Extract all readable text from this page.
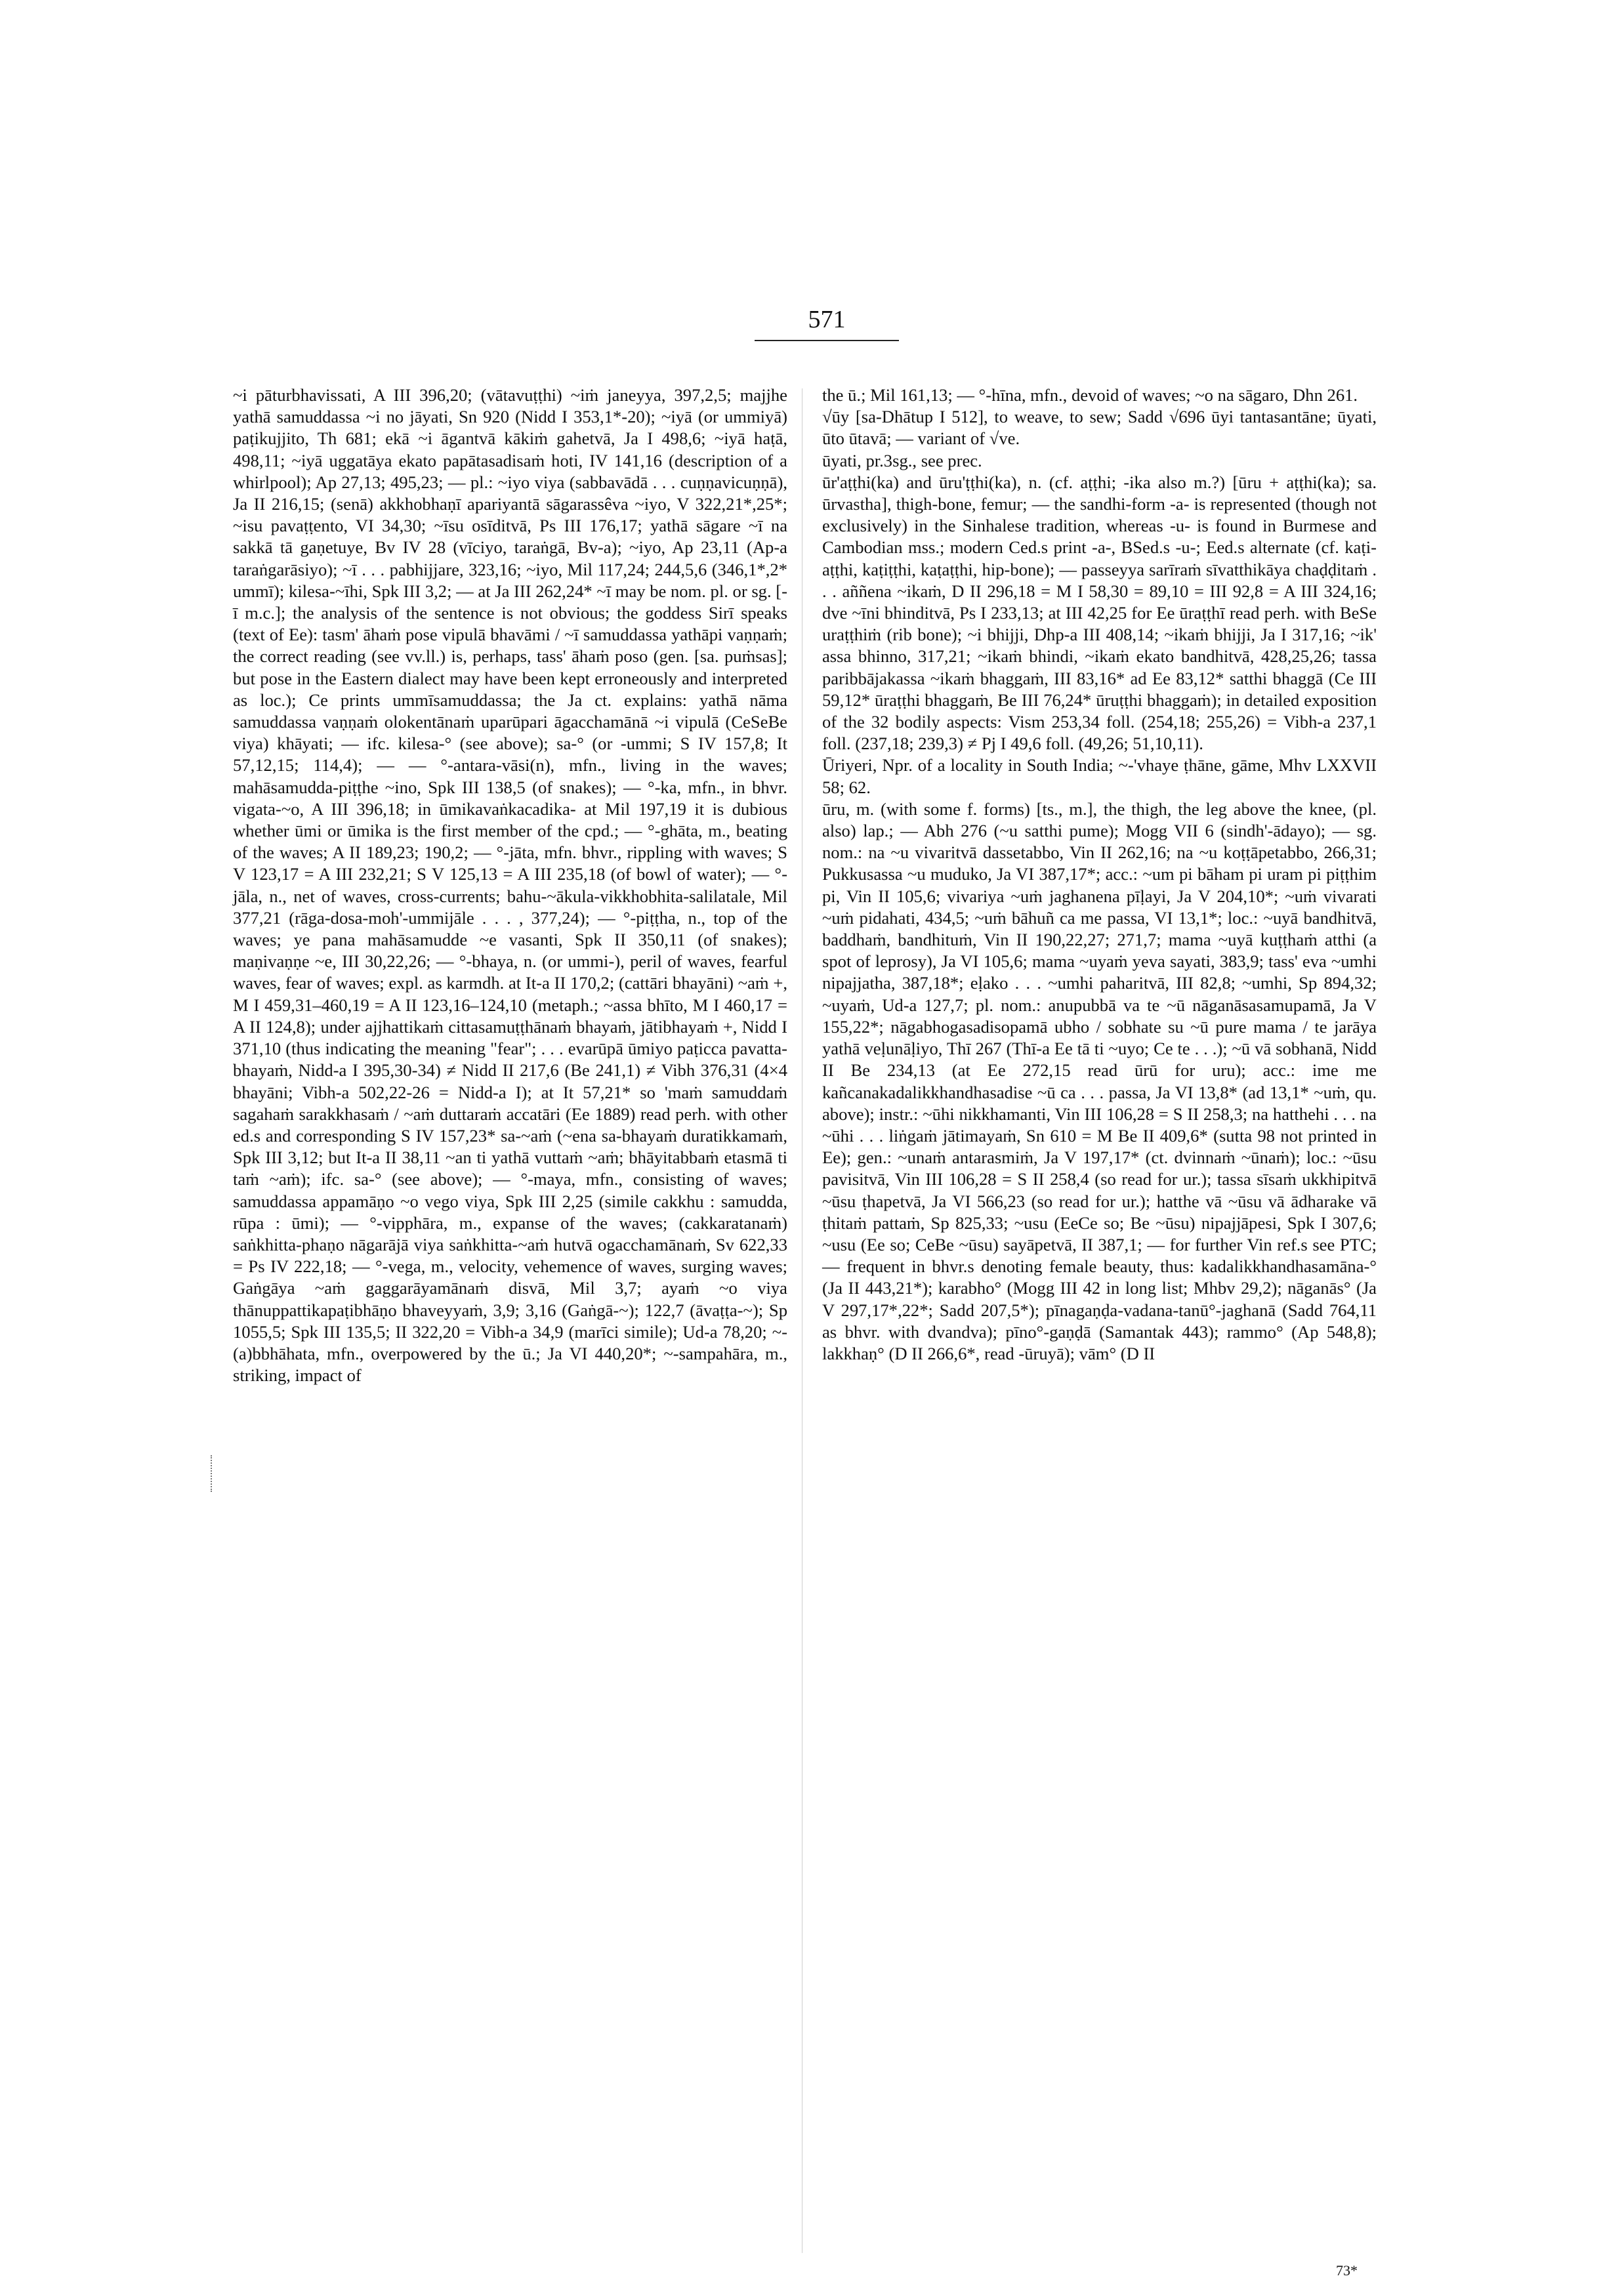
571

~i pāturbhavissati, A III 396,20; (vātavuṭṭhi) ~iṁ janeyya, 397,2,5; majjhe yathā samuddassa ~i no jāyati, Sn 920 (Nidd I 353,1*-20); ~iyā (or ummiyā) paṭikujjito, Th 681; ekā ~i āgantvā kākiṁ gahetvā, Ja I 498,6; ~iyā haṭā, 498,11; ~iyā uggatāya ekato papātasadisaṁ hoti, IV 141,16 (description of a whirlpool); Ap 27,13; 495,23; — pl.: ~iyo viya (sabbavādā . . . cuṇṇavicuṇṇā), Ja II 216,15; (senā) akkhobhaṇī apariyantā sāgarassêva ~iyo, V 322,21*,25*; ~isu pavaṭṭento, VI 34,30; ~īsu osīditvā, Ps III 176,17; yathā sāgare ~ī na sakkā tā gaṇetuye, Bv IV 28 (vīciyo, taraṅgā, Bv-a); ~iyo, Ap 23,11 (Ap-a taraṅgarāsiyo); ~ī . . . pabhijjare, 323,16; ~iyo, Mil 117,24; 244,5,6 (346,1*,2* ummī); kilesa-~īhi, Spk III 3,2; — at Ja III 262,24* ~ī may be nom. pl. or sg. [-ī m.c.]; the analysis of the sentence is not obvious; the goddess Sirī speaks (text of Ee): tasm' āhaṁ pose vipulā bhavāmi / ~ī samuddassa yathāpi vaṇṇaṁ; the correct reading (see vv.ll.) is, perhaps, tass' āhaṁ poso (gen. [sa. puṁsas]; but pose in the Eastern dialect may have been kept erroneously and interpreted as loc.); Ce prints ummīsamuddassa; the Ja ct. explains: yathā nāma samuddassa vaṇṇaṁ olokentānaṁ uparūpari āgacchamānā ~i vipulā (CeSeBe viya) khāyati; — ifc. kilesa-° (see above); sa-° (or -ummi; S IV 157,8; It 57,12,15; 114,4); — — °-antara-vāsi(n), mfn., living in the waves; mahāsamudda-piṭṭhe ~ino, Spk III 138,5 (of snakes); — °-ka, mfn., in bhvr. vigata-~o, A III 396,18; in ūmikavaṅkacadika- at Mil 197,19 it is dubious whether ūmi or ūmika is the first member of the cpd.; — °-ghāta, m., beating of the waves; A II 189,23; 190,2; — °-jāta, mfn. bhvr., rippling with waves; S V 123,17 = A III 232,21; S V 125,13 = A III 235,18 (of bowl of water); — °-jāla, n., net of waves, cross-currents; bahu-~ākula-vikkhobhita-salilatale, Mil 377,21 (rāga-dosa-moh'-ummijāle . . . , 377,24); — °-piṭṭha, n., top of the waves; ye pana mahāsamudde ~e vasanti, Spk II 350,11 (of snakes); maṇivaṇṇe ~e, III 30,22,26; — °-bhaya, n. (or ummi-), peril of waves, fearful waves, fear of waves; expl. as karmdh. at It-a II 170,2; (cattāri bhayāni) ~aṁ +, M I 459,31–460,19 = A II 123,16–124,10 (metaph.; ~assa bhīto, M I 460,17 = A II 124,8); under ajjhattikaṁ cittasamuṭṭhānaṁ bhayaṁ, jātibhayaṁ +, Nidd I 371,10 (thus indicating the meaning "fear"; . . . evarūpā ūmiyo paṭicca pavatta-bhayaṁ, Nidd-a I 395,30-34) ≠ Nidd II 217,6 (Be 241,1) ≠ Vibh 376,31 (4×4 bhayāni; Vibh-a 502,22-26 = Nidd-a I); at It 57,21* so 'maṁ samuddaṁ sagahaṁ sarakkhasaṁ / ~aṁ duttaraṁ accatāri (Ee 1889) read perh. with other ed.s and corresponding S IV 157,23* sa-~aṁ (~ena sa-bhayaṁ duratikkamaṁ, Spk III 3,12; but It-a II 38,11 ~an ti yathā vuttaṁ ~aṁ; bhāyitabbaṁ etasmā ti taṁ ~aṁ); ifc. sa-° (see above); — °-maya, mfn., consisting of waves; samuddassa appamāṇo ~o vego viya, Spk III 2,25 (simile cakkhu : samudda, rūpa : ūmi); — °-vipphāra, m., expanse of the waves; (cakkaratanaṁ) saṅkhitta-phaṇo nāgarājā viya saṅkhitta-~aṁ hutvā ogacchamānaṁ, Sv 622,33 = Ps IV 222,18; — °-vega, m., velocity, vehemence of waves, surging waves; Gaṅgāya ~aṁ gaggarāyamānaṁ disvā, Mil 3,7; ayaṁ ~o viya thānuppattikapaṭibhāṇo bhaveyyaṁ, 3,9; 3,16 (Gaṅgā-~); 122,7 (āvaṭṭa-~); Sp 1055,5; Spk III 135,5; II 322,20 = Vibh-a 34,9 (marīci simile); Ud-a 78,20; ~-(a)bbhāhata, mfn., overpowered by the ū.; Ja VI 440,20*; ~-sampahāra, m., striking, impact of

the ū.; Mil 161,13; — °-hīna, mfn., devoid of waves; ~o na sāgaro, Dhn 261.

√ūy [sa-Dhātup I 512], to weave, to sew; Sadd √696 ūyi tantasantāne; ūyati, ūto ūtavā; — variant of √ve.

ūyati, pr.3sg., see prec.

ūr'aṭṭhi(ka) and ūru'ṭṭhi(ka), n. (cf. aṭṭhi; -ika also m.?) [ūru + aṭṭhi(ka); sa. ūrvastha], thigh-bone, femur; — the sandhi-form -a- is represented (though not exclusively) in the Sinhalese tradition, whereas -u- is found in Burmese and Cambodian mss.; modern Ced.s print -a-, BSed.s -u-; Eed.s alternate (cf. kaṭi-aṭṭhi, kaṭiṭṭhi, kaṭaṭṭhi, hip-bone); — passeyya sarīraṁ sīvatthikāya chaḍḍitaṁ . . . aññena ~ikaṁ, D II 296,18 = M I 58,30 = 89,10 = III 92,8 = A III 324,16; dve ~īni bhinditvā, Ps I 233,13; at III 42,25 for Ee ūraṭṭhī read perh. with BeSe uraṭṭhiṁ (rib bone); ~i bhijji, Dhp-a III 408,14; ~ikaṁ bhijji, Ja I 317,16; ~ik' assa bhinno, 317,21; ~ikaṁ bhindi, ~ikaṁ ekato bandhitvā, 428,25,26; tassa paribbājakassa ~ikaṁ bhaggaṁ, III 83,16* ad Ee 83,12* satthi bhaggā (Ce III 59,12* ūraṭṭhi bhaggaṁ, Be III 76,24* ūruṭṭhi bhaggaṁ); in detailed exposition of the 32 bodily aspects: Vism 253,34 foll. (254,18; 255,26) = Vibh-a 237,1 foll. (237,18; 239,3) ≠ Pj I 49,6 foll. (49,26; 51,10,11).

Ūriyeri, Npr. of a locality in South India; ~-'vhaye ṭhāne, gāme, Mhv LXXVII 58; 62.

ūru, m. (with some f. forms) [ts., m.], the thigh, the leg above the knee, (pl. also) lap.; — Abh 276 (~u satthi pume); Mogg VII 6 (sindh'-ādayo); — sg. nom.: na ~u vivaritvā dassetabbo, Vin II 262,16; na ~u koṭṭāpetabbo, 266,31; Pukkusassa ~u muduko, Ja VI 387,17*; acc.: ~um pi bāham pi uram pi piṭṭhim pi, Vin II 105,6; vivariya ~uṁ jaghanena pīḷayi, Ja V 204,10*; ~uṁ vivarati ~uṁ pidahati, 434,5; ~uṁ bāhuñ ca me passa, VI 13,1*; loc.: ~uyā bandhitvā, baddhaṁ, bandhituṁ, Vin II 190,22,27; 271,7; mama ~uyā kuṭṭhaṁ atthi (a spot of leprosy), Ja VI 105,6; mama ~uyaṁ yeva sayati, 383,9; tass' eva ~umhi nipajjatha, 387,18*; eḷako . . . ~umhi paharitvā, III 82,8; ~umhi, Sp 894,32; ~uyaṁ, Ud-a 127,7; pl. nom.: anupubbā va te ~ū nāganāsasamupamā, Ja V 155,22*; nāgabhogasadisopamā ubho / sobhate su ~ū pure mama / te jarāya yathā veḷunāḷiyo, Thī 267 (Thī-a Ee tā ti ~uyo; Ce te . . .); ~ū vā sobhanā, Nidd II Be 234,13 (at Ee 272,15 read ūrū for uru); acc.: ime me kañcanakadalikkhandhasadise ~ū ca . . . passa, Ja VI 13,8* (ad 13,1* ~uṁ, qu. above); instr.: ~ūhi nikkhamanti, Vin III 106,28 = S II 258,3; na hatthehi . . . na ~ūhi . . . liṅgaṁ jātimayaṁ, Sn 610 = M Be II 409,6* (sutta 98 not printed in Ee); gen.: ~unaṁ antarasmiṁ, Ja V 197,17* (ct. dvinnaṁ ~ūnaṁ); loc.: ~ūsu pavisitvā, Vin III 106,28 = S II 258,4 (so read for ur.); tassa sīsaṁ ukkhipitvā ~ūsu ṭhapetvā, Ja VI 566,23 (so read for ur.); hatthe vā ~ūsu vā ādharake vā ṭhitaṁ pattaṁ, Sp 825,33; ~usu (EeCe so; Be ~ūsu) nipajjāpesi, Spk I 307,6; ~usu (Ee so; CeBe ~ūsu) sayāpetvā, II 387,1; — for further Vin ref.s see PTC; — frequent in bhvr.s denoting female beauty, thus: kadalikkhandhasamāna-° (Ja II 443,21*); karabho° (Mogg III 42 in long list; Mhbv 29,2); nāganās° (Ja V 297,17*,22*; Sadd 207,5*); pīnagaṇḍa-vadana-tanū°-jaghanā (Sadd 764,11 as bhvr. with dvandva); pīno°-gaṇḍā (Samantak 443); rammo° (Ap 548,8); lakkhaṇ° (D II 266,6*, read -ūruyā); vām° (D II

73*
